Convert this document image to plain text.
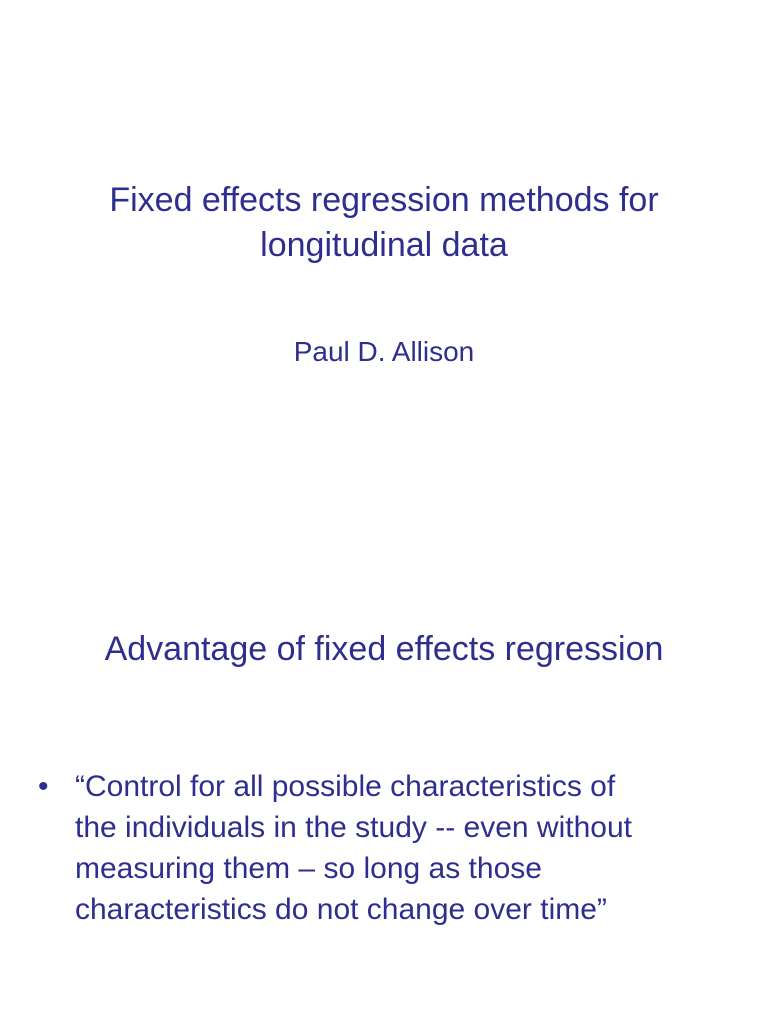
Fixed effects regression methods for
longitudinal data
Paul D. Allison
Advantage of fixed effects regression
• “Control for all possible characteristics of
the individuals in the study -- even without
measuring them – so long as those
characteristics do not change over time”
